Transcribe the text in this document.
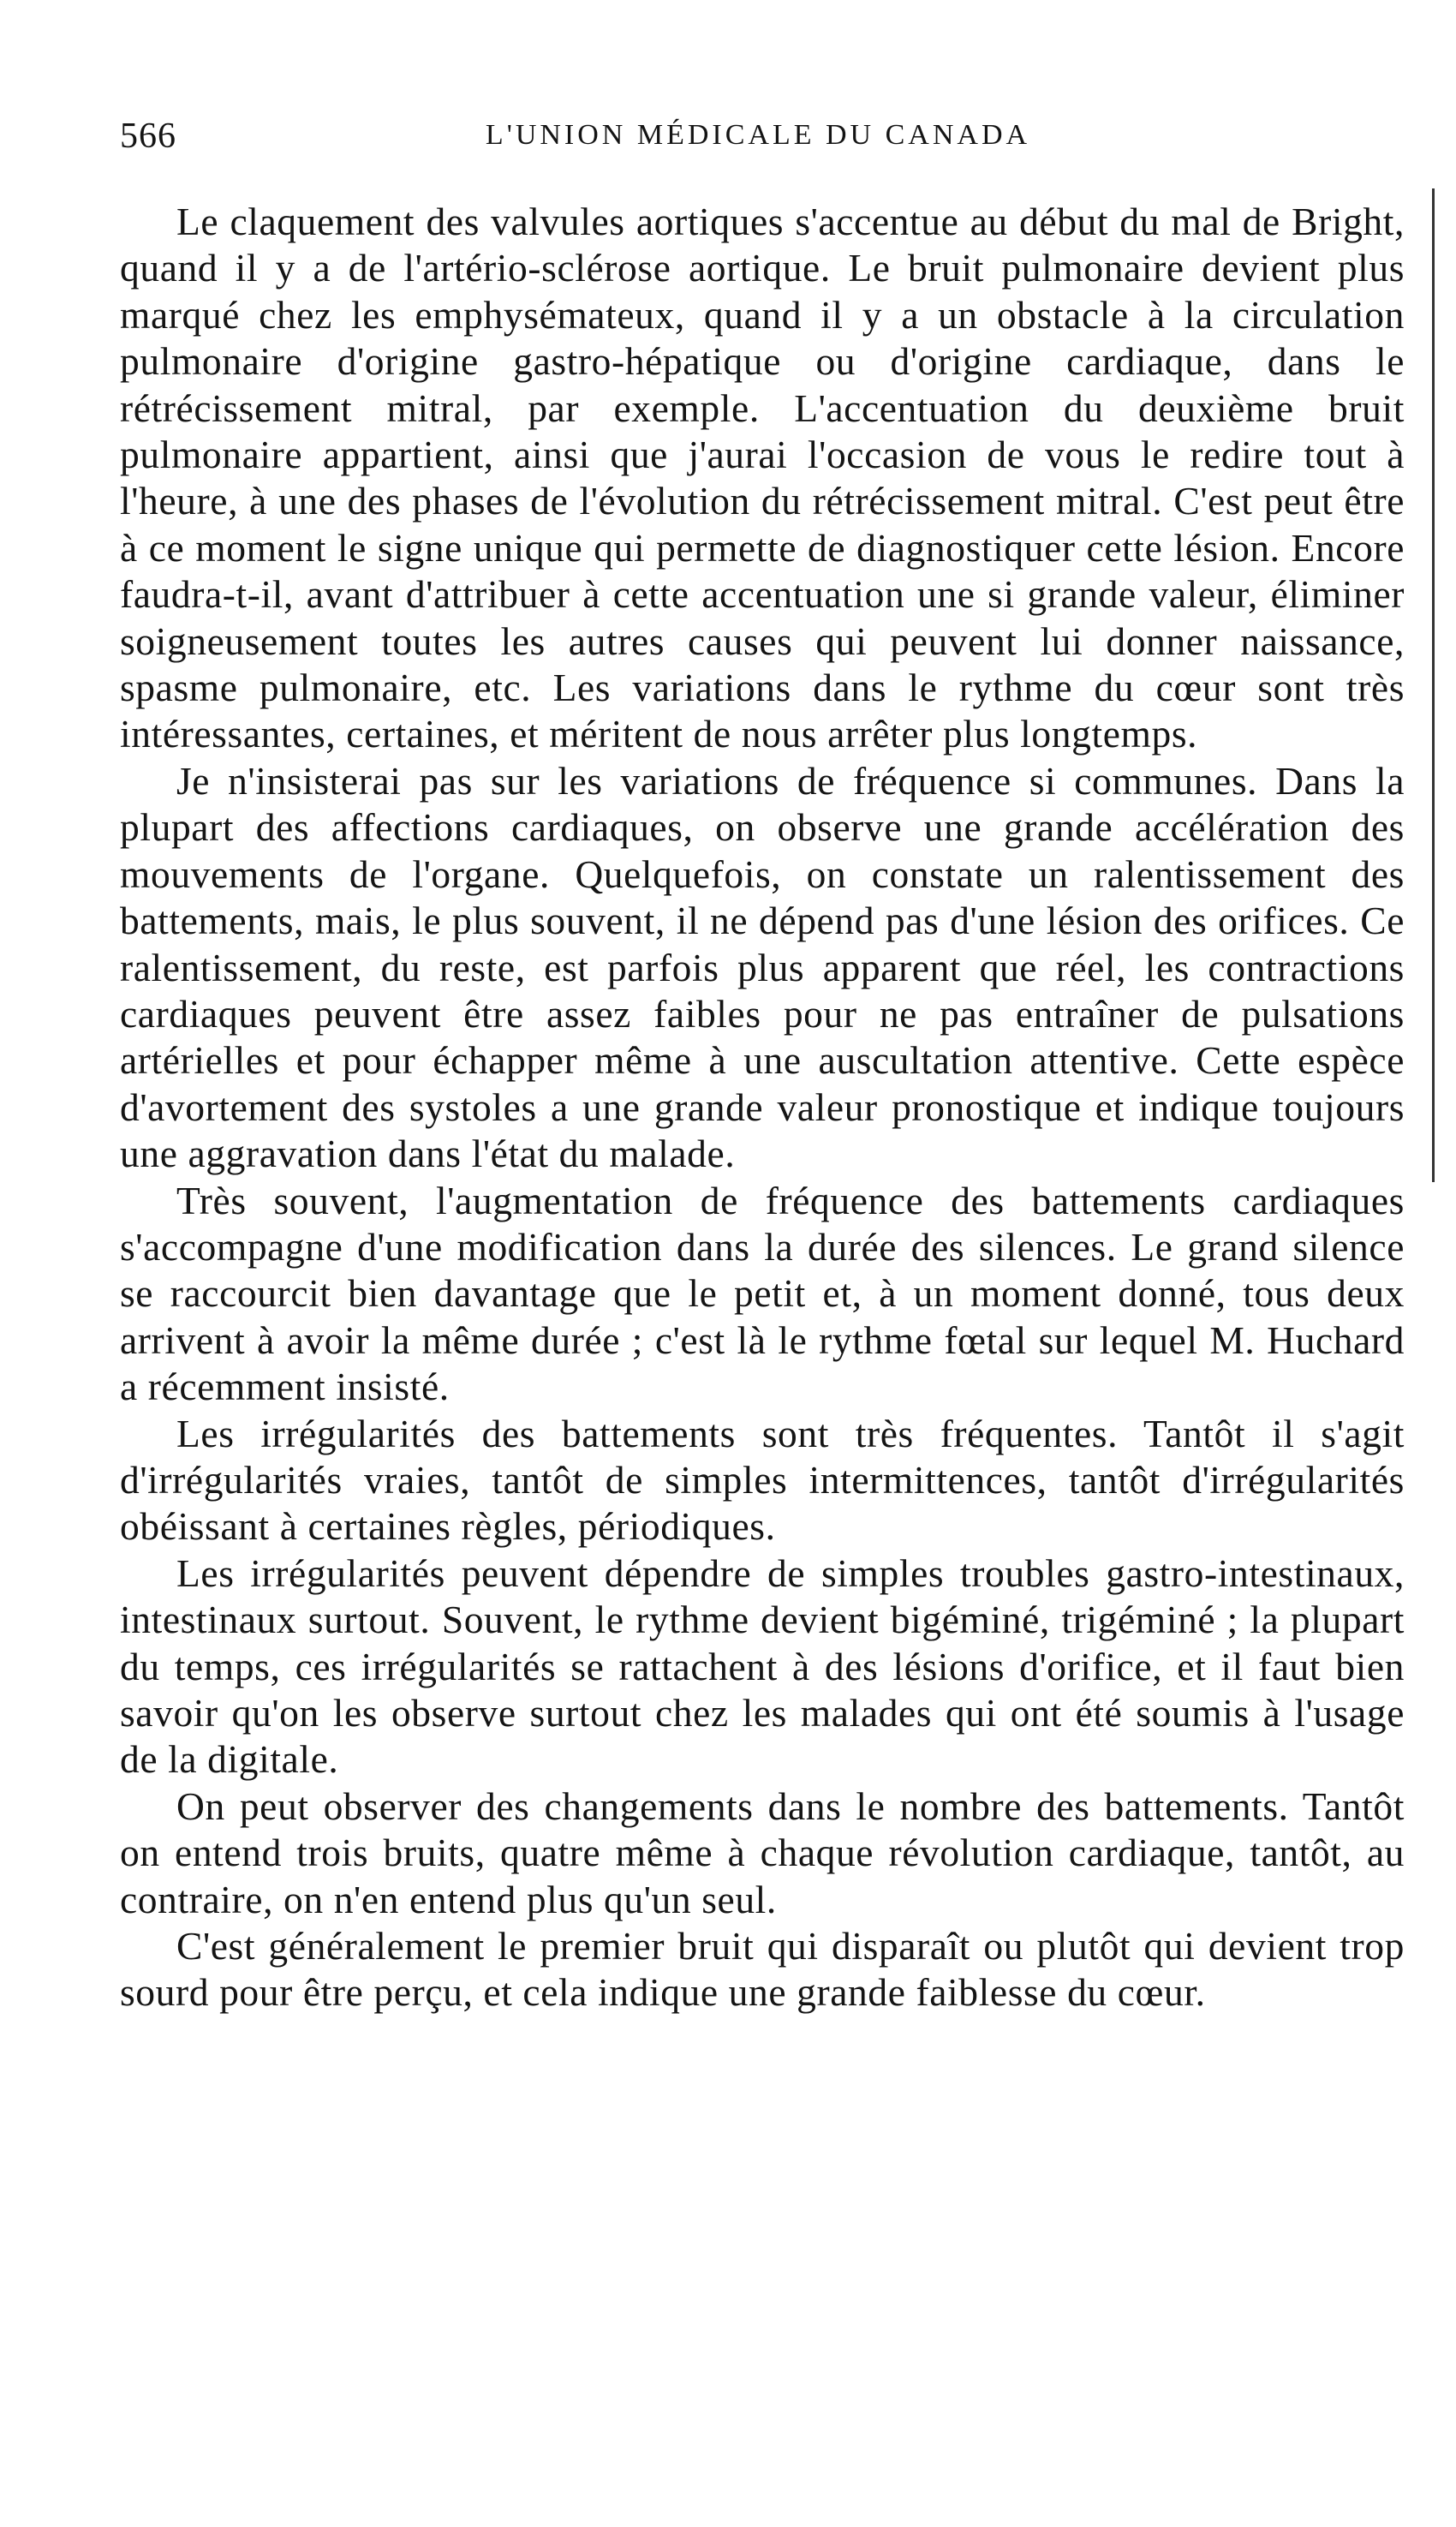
566	L'UNION MÉDICALE DU CANADA

Le claquement des valvules aortiques s'accentue au début du mal de Bright, quand il y a de l'artério-sclérose aortique. Le bruit pulmonaire devient plus marqué chez les emphysémateux, quand il y a un obstacle à la circulation pulmonaire d'origine gastro-hépatique ou d'origine cardiaque, dans le rétrécissement mitral, par exemple. L'accentuation du deuxième bruit pulmonaire appartient, ainsi que j'aurai l'occasion de vous le redire tout à l'heure, à une des phases de l'évolution du rétrécissement mitral. C'est peut être à ce moment le signe unique qui permette de diagnostiquer cette lésion. Encore faudra-t-il, avant d'attribuer à cette accentuation une si grande valeur, éliminer soigneusement toutes les autres causes qui peuvent lui donner naissance, spasme pulmonaire, etc. Les variations dans le rythme du cœur sont très intéressantes, certaines, et méritent de nous arrêter plus longtemps.

Je n'insisterai pas sur les variations de fréquence si communes. Dans la plupart des affections cardiaques, on observe une grande accélération des mouvements de l'organe. Quelquefois, on constate un ralentissement des battements, mais, le plus souvent, il ne dépend pas d'une lésion des orifices. Ce ralentissement, du reste, est parfois plus apparent que réel, les contractions cardiaques peuvent être assez faibles pour ne pas entraîner de pulsations artérielles et pour échapper même à une auscultation attentive. Cette espèce d'avortement des systoles a une grande valeur pronostique et indique toujours une aggravation dans l'état du malade.

Très souvent, l'augmentation de fréquence des battements cardiaques s'accompagne d'une modification dans la durée des silences. Le grand silence se raccourcit bien davantage que le petit et, à un moment donné, tous deux arrivent à avoir la même durée ; c'est là le rythme fœtal sur lequel M. Huchard a récemment insisté.

Les irrégularités des battements sont très fréquentes. Tantôt il s'agit d'irrégularités vraies, tantôt de simples intermittences, tantôt d'irrégularités obéissant à certaines règles, périodiques.

Les irrégularités peuvent dépendre de simples troubles gastro-intestinaux, intestinaux surtout. Souvent, le rythme devient bigéminé, trigéminé ; la plupart du temps, ces irrégularités se rattachent à des lésions d'orifice, et il faut bien savoir qu'on les observe surtout chez les malades qui ont été soumis à l'usage de la digitale.

On peut observer des changements dans le nombre des battements. Tantôt on entend trois bruits, quatre même à chaque révolution cardiaque, tantôt, au contraire, on n'en entend plus qu'un seul.

C'est généralement le premier bruit qui disparaît ou plutôt qui devient trop sourd pour être perçu, et cela indique une grande faiblesse du cœur.
